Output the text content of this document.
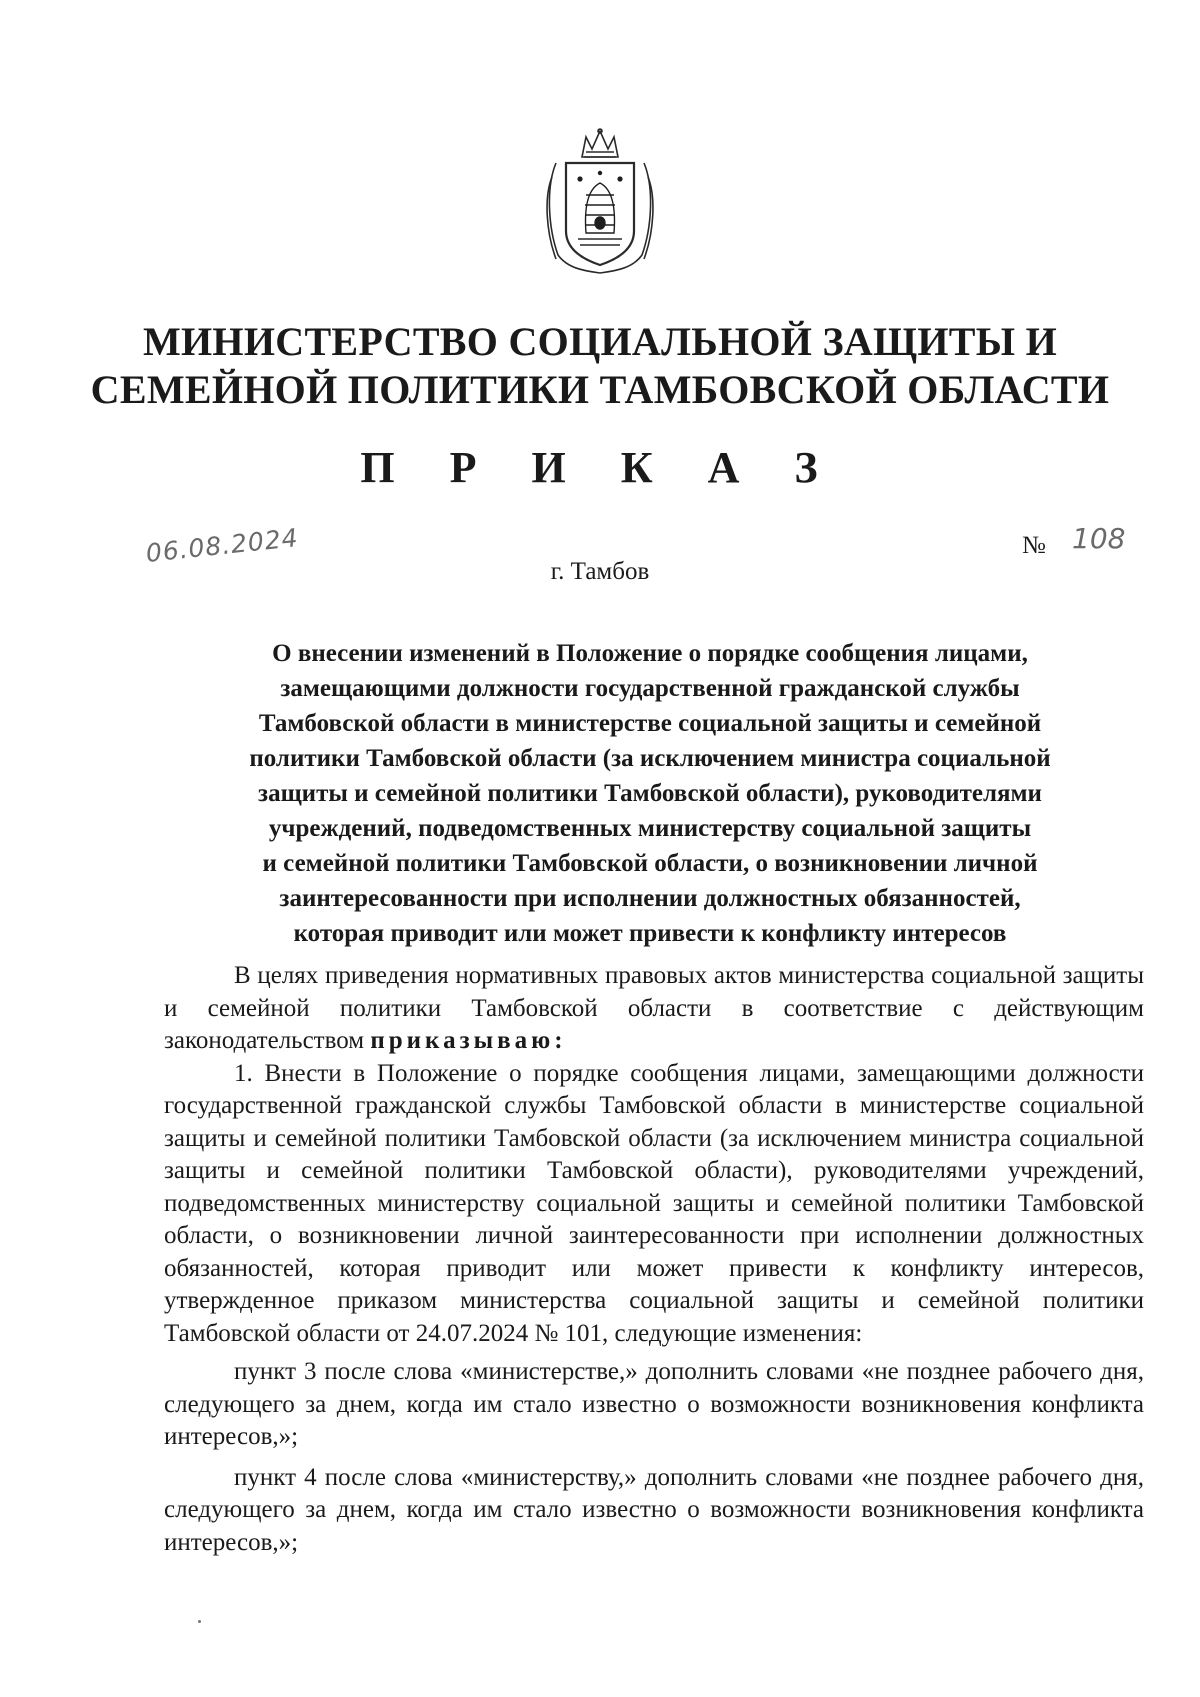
МИНИСТЕРСТВО СОЦИАЛЬНОЙ ЗАЩИТЫ И
СЕМЕЙНОЙ ПОЛИТИКИ ТАМБОВСКОЙ ОБЛАСТИ
П Р И К А З
06.08.2024	№ 108
г. Тамбов
О внесении изменений в Положение о порядке сообщения лицами,
замещающими должности государственной гражданской службы
Тамбовской области в министерстве социальной защиты и семейной
политики Тамбовской области (за исключением министра социальной
защиты и семейной политики Тамбовской области), руководителями
учреждений, подведомственных министерству социальной защиты
и семейной политики Тамбовской области, о возникновении личной
заинтересованности при исполнении должностных обязанностей,
которая приводит или может привести к конфликту интересов

В целях приведения нормативных правовых актов министерства социальной защиты и семейной политики Тамбовской области в соответствие с действующим законодательством приказываю:

1. Внести в Положение о порядке сообщения лицами, замещающими должности государственной гражданской службы Тамбовской области в министерстве социальной защиты и семейной политики Тамбовской области (за исключением министра социальной защиты и семейной политики Тамбовской области), руководителями учреждений, подведомственных министерству социальной защиты и семейной политики Тамбовской области, о возникновении личной заинтересованности при исполнении должностных обязанностей, которая приводит или может привести к конфликту интересов, утвержденное приказом министерства социальной защиты и семейной политики Тамбовской области от 24.07.2024 № 101, следующие изменения:

пункт 3 после слова «министерстве,» дополнить словами «не позднее рабочего дня, следующего за днем, когда им стало известно о возможности возникновения конфликта интересов,»;

пункт 4 после слова «министерству,» дополнить словами «не позднее рабочего дня, следующего за днем, когда им стало известно о возможности возникновения конфликта интересов,»;
